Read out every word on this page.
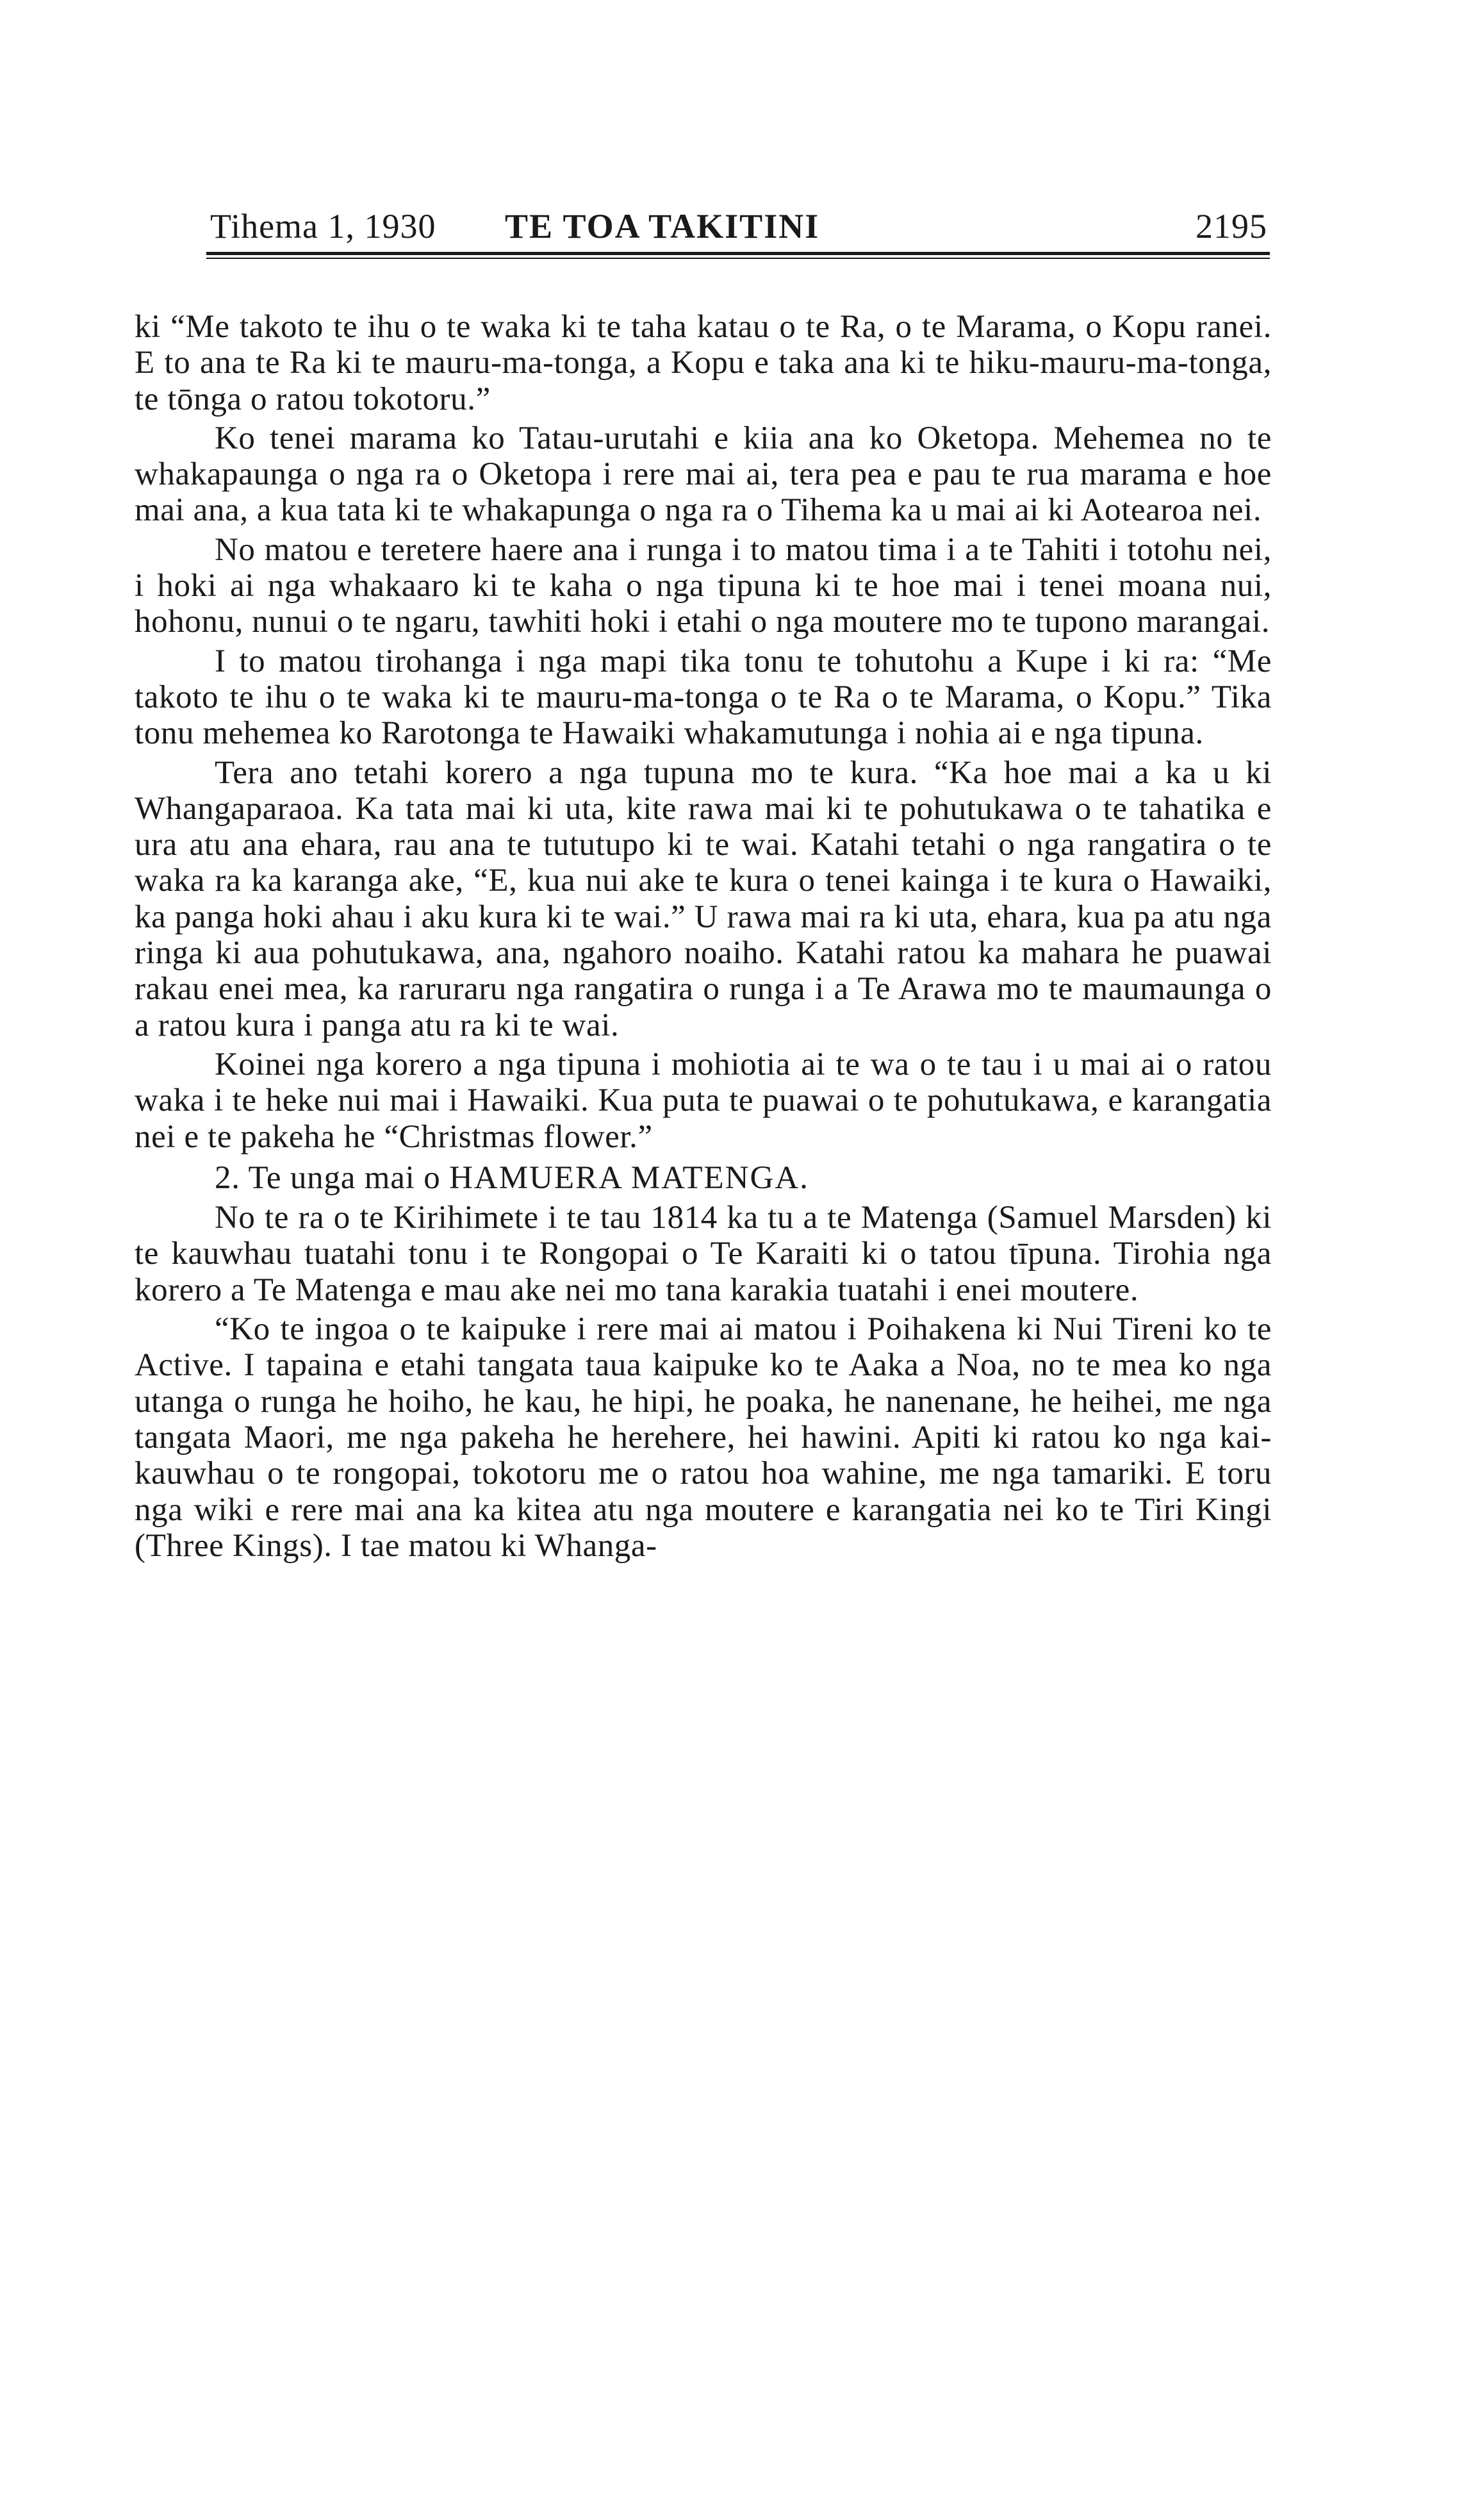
Tihema 1, 1930 TE TOA TAKITINI	2195

ki “Me takoto te ihu o te waka ki te taha katau o te Ra, o te Marama, o Kopu ranei. E to ana te Ra ki te mauru-ma-tonga, a Kopu e taka ana ki te hiku-mauru-ma-tonga, te tōnga o ratou tokotoru.”

Ko tenei marama ko Tatau-urutahi e kiia ana ko Oketopa. Mehemea no te whakapaunga o nga ra o Oketopa i rere mai ai, tera pea e pau te rua marama e hoe mai ana, a kua tata ki te whakapunga o nga ra o Tihema ka u mai ai ki Aotearoa nei.

No matou e teretere haere ana i runga i to matou tima i a te Tahiti i totohu nei, i hoki ai nga whakaaro ki te kaha o nga tipuna ki te hoe mai i tenei moana nui, hohonu, nunui o te ngaru, tawhiti hoki i etahi o nga moutere mo te tupono marangai.

I to matou tirohanga i nga mapi tika tonu te tohutohu a Kupe i ki ra: “Me takoto te ihu o te waka ki te mauru-ma-tonga o te Ra o te Marama, o Kopu.” Tika tonu mehemea ko Rarotonga te Hawaiki whakamutunga i nohia ai e nga tipuna.

Tera ano tetahi korero a nga tupuna mo te kura. “Ka hoe mai a ka u ki Whangaparaoa. Ka tata mai ki uta, kite rawa mai ki te pohutukawa o te tahatika e ura atu ana ehara, rau ana te tututupo ki te wai. Katahi tetahi o nga rangatira o te waka ra ka karanga ake, “E, kua nui ake te kura o tenei kainga i te kura o Hawaiki, ka panga hoki ahau i aku kura ki te wai.” U rawa mai ra ki uta, ehara, kua pa atu nga ringa ki aua pohutukawa, ana, ngahoro noaiho. Katahi ratou ka mahara he puawai rakau enei mea, ka raruraru nga rangatira o runga i a Te Arawa mo te maumaunga o a ratou kura i panga atu ra ki te wai.

Koinei nga korero a nga tipuna i mohiotia ai te wa o te tau i u mai ai o ratou waka i te heke nui mai i Hawaiki. Kua puta te puawai o te pohutukawa, e karangatia nei e te pakeha he “Christmas flower.”

2. Te unga mai o HAMUERA MATENGA.

No te ra o te Kirihimete i te tau 1814 ka tu a te Matenga (Samuel Marsden) ki te kauwhau tuatahi tonu i te Rongopai o Te Karaiti ki o tatou tīpuna. Tirohia nga korero a Te Matenga e mau ake nei mo tana karakia tuatahi i enei moutere.

“Ko te ingoa o te kaipuke i rere mai ai matou i Poihakena ki Nui Tireni ko te Active. I tapaina e etahi tangata taua kaipuke ko te Aaka a Noa, no te mea ko nga utanga o runga he hoiho, he kau, he hipi, he poaka, he nanenane, he heihei, me nga tangata Maori, me nga pakeha he herehere, hei hawini. Apiti ki ratou ko nga kai-kauwhau o te rongopai, tokotoru me o ratou hoa wahine, me nga tamariki. E toru nga wiki e rere mai ana ka kitea atu nga moutere e karangatia nei ko te Tiri Kingi (Three Kings). I tae matou ki Whanga-
